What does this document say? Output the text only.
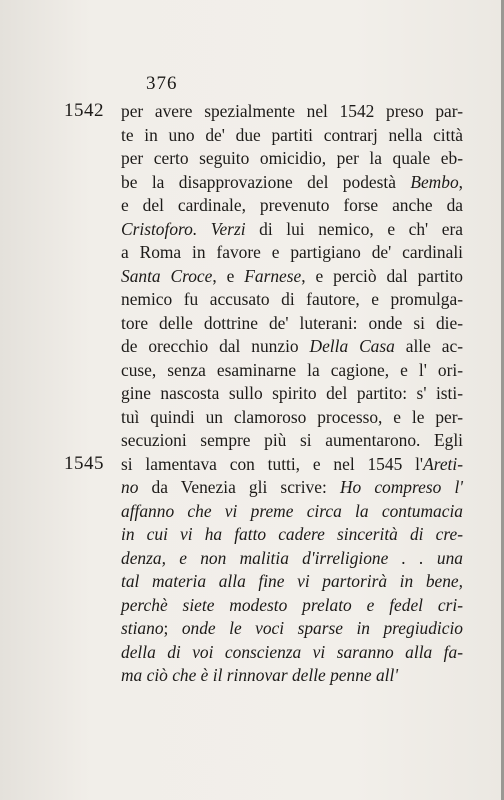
376
1542
1545
per avere spezialmente nel 1542 preso par-
te in uno de' due partiti contrarj nella città
per certo seguito omicidio, per la quale eb-
be la disapprovazione del podestà Bembo,
e del cardinale, prevenuto forse anche da
Cristoforo. Verzi di lui nemico, e ch' era
a Roma in favore e partigiano de' cardinali
Santa Croce, e Farnese, e perciò dal partito
nemico fu accusato di fautore, e promulga-
tore delle dottrine de' luterani: onde si die-
de orecchio dal nunzio Della Casa alle ac-
cuse, senza esaminarne la cagione, e l' ori-
gine nascosta sullo spirito del partito: s' isti-
tuì quindi un clamoroso processo, e le per-
secuzioni sempre più si aumentarono. Egli
si lamentava con tutti, e nel 1545 l'Areti-
no da Venezia gli scrive: Ho compreso l'
affanno che vi preme circa la contumacia
in cui vi ha fatto cadere sincerità di cre-
denza, e non malitia d'irreligione . . una
tal materia alla fine vi partorirà in bene,
perchè siete modesto prelato e fedel cri-
stiano; onde le voci sparse in pregiudicio
della di voi conscienza vi saranno alla fa-
ma ciò che è il rinnovar delle penne all'
